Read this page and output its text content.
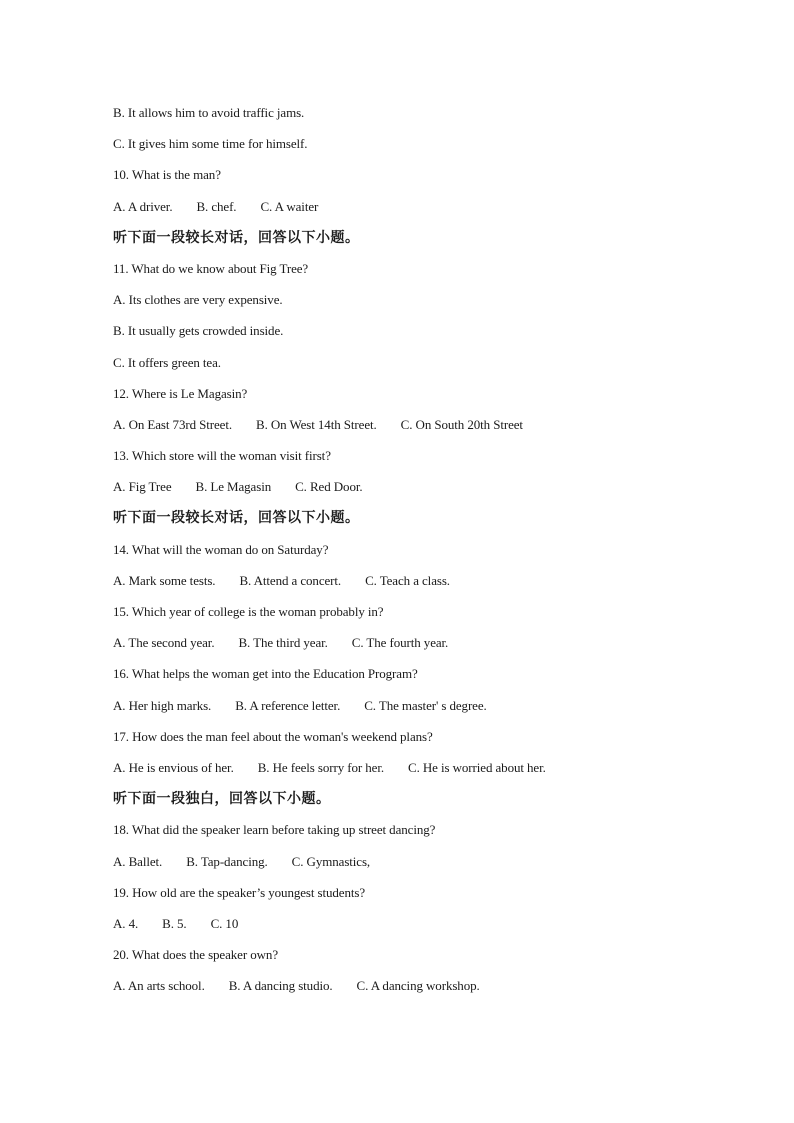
B. It allows him to avoid traffic jams.
C. It gives him some time for himself.
10. What is the man?
A. A driver. B. chef. C. A waiter
听下面一段较长对话，回答以下小题。
11. What do we know about Fig Tree?
A. Its clothes are very expensive.
B. It usually gets crowded inside.
C. It offers green tea.
12. Where is Le Magasin?
A. On East 73rd Street. B. On West 14th Street. C. On South 20th Street
13. Which store will the woman visit first?
A. Fig Tree B. Le Magasin C. Red Door.
听下面一段较长对话，回答以下小题。
14. What will the woman do on Saturday?
A. Mark some tests. B. Attend a concert. C. Teach a class.
15. Which year of college is the woman probably in?
A. The second year. B. The third year. C. The fourth year.
16. What helps the woman get into the Education Program?
A. Her high marks. B. A reference letter. C. The master' s degree.
17. How does the man feel about the woman's weekend plans?
A. He is envious of her. B. He feels sorry for her. C. He is worried about her.
听下面一段独白，回答以下小题。
18. What did the speaker learn before taking up street dancing?
A. Ballet. B. Tap-dancing. C. Gymnastics,
19. How old are the speaker’s youngest students?
A. 4. B. 5. C. 10
20. What does the speaker own?
A. An arts school. B. A dancing studio. C. A dancing workshop.
